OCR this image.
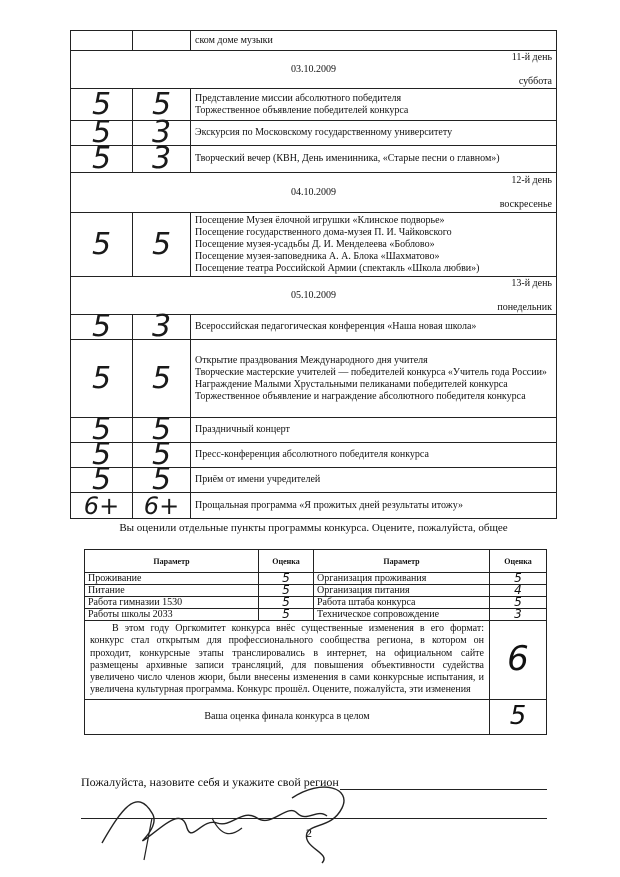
		ском доме музыки

11-й день
03.10.2009
суббота		

5	5	Представление миссии абсолютного победителя
Торжественное объявление победителей конкурса

5	3	Экскурсия по Московскому государственному университету

5	3	Творческий вечер (КВН, День именинника, «Старые песни о главном»)

12-й день
04.10.2009
воскресенье		

5	5	Посещение Музея ёлочной игрушки «Клинское подворье»
Посещение государственного дома-музея П. И. Чайковского
Посещение музея-усадьбы Д. И. Менделеева «Боблово»
Посещение музея-заповедника А. А. Блока «Шахматово»
Посещение театра Российской Армии (спектакль «Школа любви»)

13-й день
05.10.2009
понедельник		

5	3	Всероссийская педагогическая конференция «Наша новая школа»

5	5	Открытие праздвования Международного дня учителя
Творческие мастерские учителей — победителей конкурса «Учитель года России»
Награждение Малыми Хрустальными пеликанами победителей конкурса
Торжественное объявление и награждение абсолютного победителя конкурса

5	5	Праздничный концерт

5	5	Пресс-конференция абсолютного победителя конкурса

5	5	Приём от имени учредителей

6+	6+	Прощальная программа «Я прожитых дней результаты итожу»
Вы оценили отдельные пункты программы конкурса. Оцените, пожалуйста, общее
Параметр	Оценка	Параметр	Оценка
Проживание	5	Организация проживания	5
Питание	5	Организация питания	4
Работа гимназии 1530	5	Работа штаба конкурса	5
Работы школы 2033	5	Техническое сопровождение	3
В этом году Оргкомитет конкурса внёс существенные изменения в его формат: конкурс стал открытым для профессионального сообщества региона, в котором он проходит, конкурсные этапы транслировались в интернет, на официальном сайте размещены архивные записи трансляций, для повышения объективности судейства увеличено число членов жюри, были внесены изменения в сами конкурсные испытания, и увеличена культурная программа. Конкурс прошёл. Оцените, пожалуйста, эти изменения			6
Ваша оценка финала конкурса в целом			5
Пожалуйста, назовите себя и укажите свой регион
2
